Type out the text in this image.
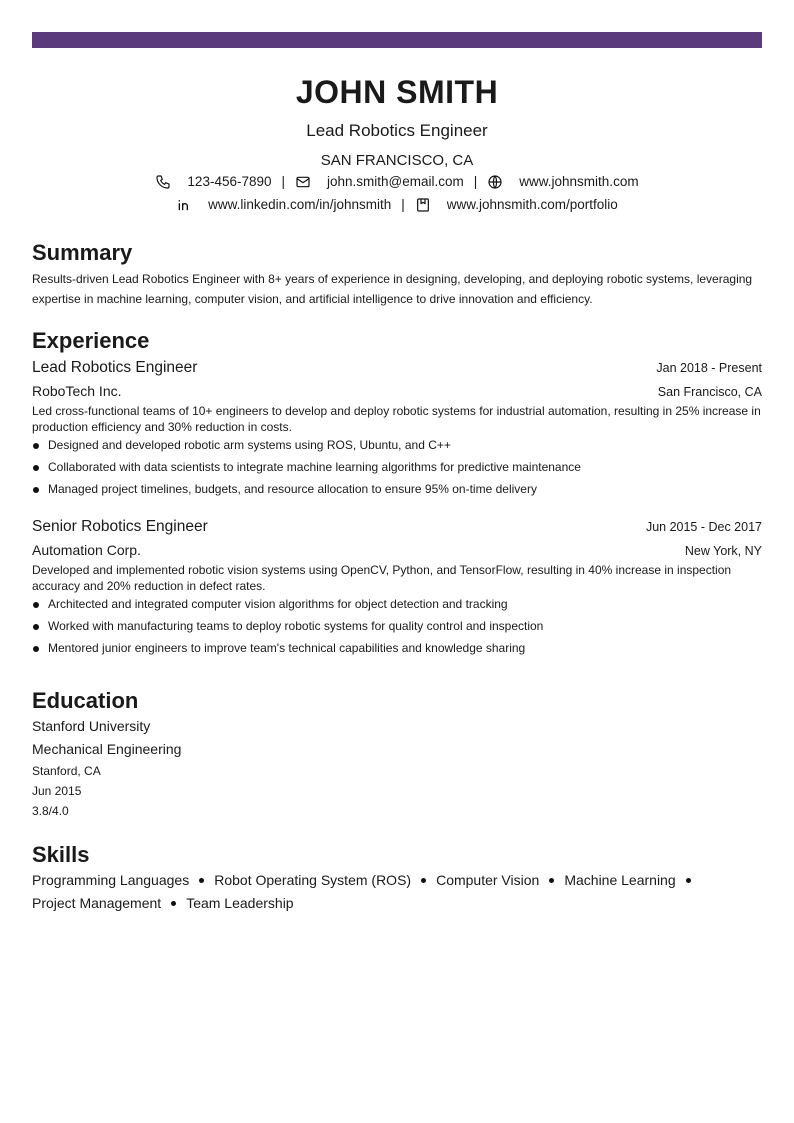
JOHN SMITH
Lead Robotics Engineer
SAN FRANCISCO, CA
123-456-7890 |	john.smith@email.com |	www.johnsmith.com
www.linkedin.com/in/johnsmith |	www.johnsmith.com/portfolio
Summary
Results-driven Lead Robotics Engineer with 8+ years of experience in designing, developing, and deploying robotic systems, leveraging expertise in machine learning, computer vision, and artificial intelligence to drive innovation and efficiency.
Experience
Lead Robotics Engineer	Jan 2018 - Present
RoboTech Inc.	San Francisco, CA
Led cross-functional teams of 10+ engineers to develop and deploy robotic systems for industrial automation, resulting in 25% increase in production efficiency and 30% reduction in costs.
Designed and developed robotic arm systems using ROS, Ubuntu, and C++
Collaborated with data scientists to integrate machine learning algorithms for predictive maintenance
Managed project timelines, budgets, and resource allocation to ensure 95% on-time delivery
Senior Robotics Engineer	Jun 2015 - Dec 2017
Automation Corp.	New York, NY
Developed and implemented robotic vision systems using OpenCV, Python, and TensorFlow, resulting in 40% increase in inspection accuracy and 20% reduction in defect rates.
Architected and integrated computer vision algorithms for object detection and tracking
Worked with manufacturing teams to deploy robotic systems for quality control and inspection
Mentored junior engineers to improve team's technical capabilities and knowledge sharing
Education
Stanford University
Mechanical Engineering
Stanford, CA
Jun 2015
3.8/4.0
Skills
Programming Languages Robot Operating System (ROS) Computer Vision Machine Learning
Project Management Team Leadership
